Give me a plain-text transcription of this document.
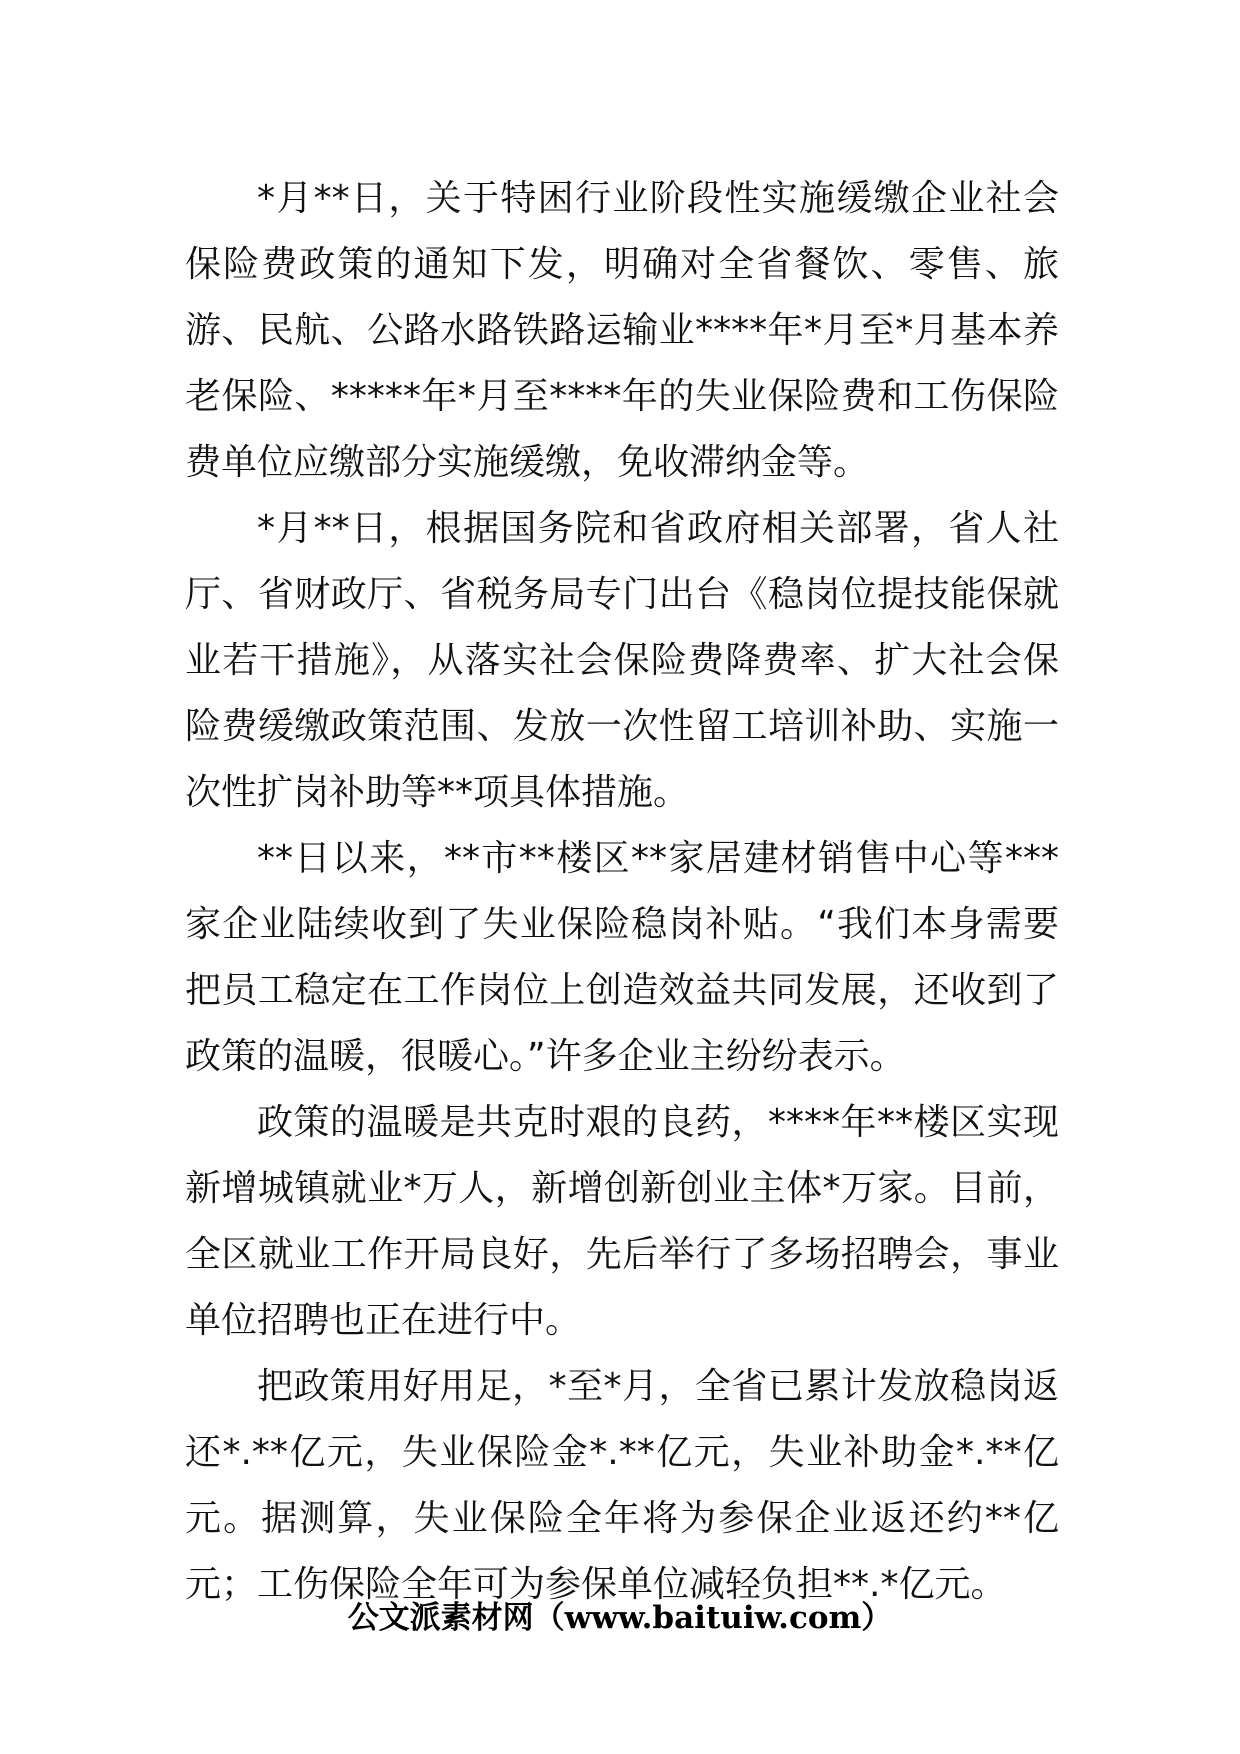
*月**日，关于特困行业阶段性实施缓缴企业社会保险费政策的通知下发，明确对全省餐饮、零售、旅游、民航、公路水路铁路运输业****年*月至*月基本养老保险、*****年*月至****年的失业保险费和工伤保险费单位应缴部分实施缓缴，免收滞纳金等。

*月**日，根据国务院和省政府相关部署，省人社厅、省财政厅、省税务局专门出台《稳岗位提技能保就业若干措施》，从落实社会保险费降费率、扩大社会保险费缓缴政策范围、发放一次性留工培训补助、实施一次性扩岗补助等**项具体措施。

**日以来，**市**楼区**家居建材销售中心等***家企业陆续收到了失业保险稳岗补贴。“我们本身需要把员工稳定在工作岗位上创造效益共同发展，还收到了政策的温暖，很暖心。”许多企业主纷纷表示。

政策的温暖是共克时艰的良药，****年**楼区实现新增城镇就业*万人，新增创新创业主体*万家。目前，全区就业工作开局良好，先后举行了多场招聘会，事业单位招聘也正在进行中。

把政策用好用足，*至*月，全省已累计发放稳岗返还*.**亿元，失业保险金*.**亿元，失业补助金*.**亿元。据测算，失业保险全年将为参保企业返还约**亿元；工伤保险全年可为参保单位减轻负担**.*亿元。

公文派素材网（www.baituiw.com）
